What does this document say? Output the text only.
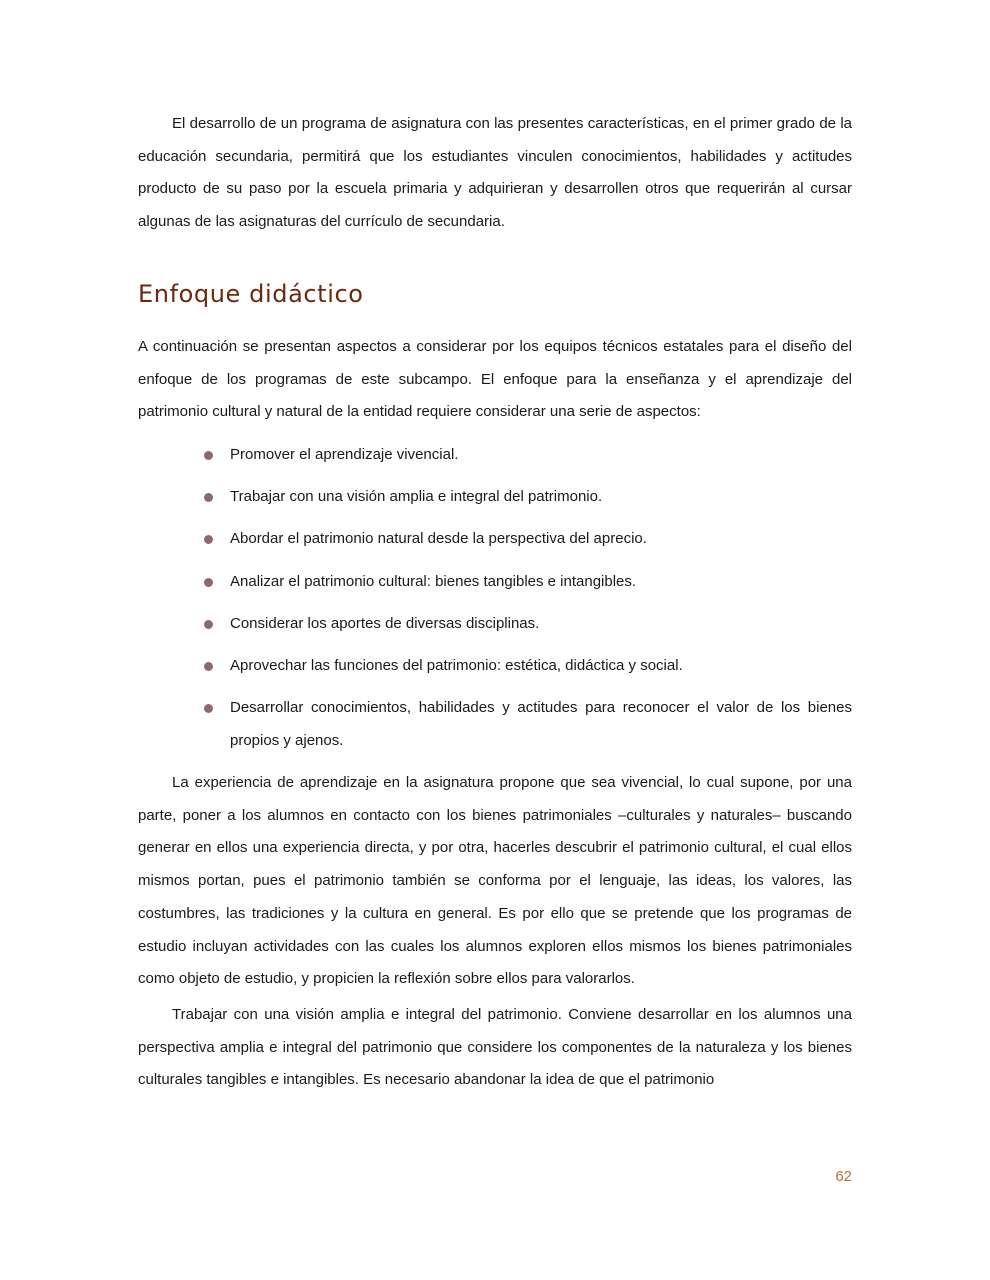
El desarrollo de un programa de asignatura con las presentes características, en el primer grado de la educación secundaria, permitirá que los estudiantes vinculen conocimientos, habilidades y actitudes producto de su paso por la escuela primaria y adquirieran y desarrollen otros que requerirán al cursar algunas de las asignaturas del currículo de secundaria.

Enfoque didáctico

A continuación se presentan aspectos a considerar por los equipos técnicos estatales para el diseño del enfoque de los programas de este subcampo. El enfoque para la enseñanza y el aprendizaje del patrimonio cultural y natural de la entidad requiere considerar una serie de aspectos:

Promover el aprendizaje vivencial.
Trabajar con una visión amplia e integral del patrimonio.
Abordar el patrimonio natural desde la perspectiva del aprecio.
Analizar el patrimonio cultural: bienes tangibles e intangibles.
Considerar los aportes de diversas disciplinas.
Aprovechar las funciones del patrimonio: estética, didáctica y social.
Desarrollar conocimientos, habilidades y actitudes para reconocer el valor de los bienes propios y ajenos.

La experiencia de aprendizaje en la asignatura propone que sea vivencial, lo cual supone, por una parte, poner a los alumnos en contacto con los bienes patrimoniales –culturales y naturales– buscando generar en ellos una experiencia directa, y por otra, hacerles descubrir el patrimonio cultural, el cual ellos mismos portan, pues el patrimonio también se conforma por el lenguaje, las ideas, los valores, las costumbres, las tradiciones y la cultura en general. Es por ello que se pretende que los programas de estudio incluyan actividades con las cuales los alumnos exploren ellos mismos los bienes patrimoniales como objeto de estudio, y propicien la reflexión sobre ellos para valorarlos.

Trabajar con una visión amplia e integral del patrimonio. Conviene desarrollar en los alumnos una perspectiva amplia e integral del patrimonio que considere los componentes de la naturaleza y los bienes culturales tangibles e intangibles. Es necesario abandonar la idea de que el patrimonio

62
